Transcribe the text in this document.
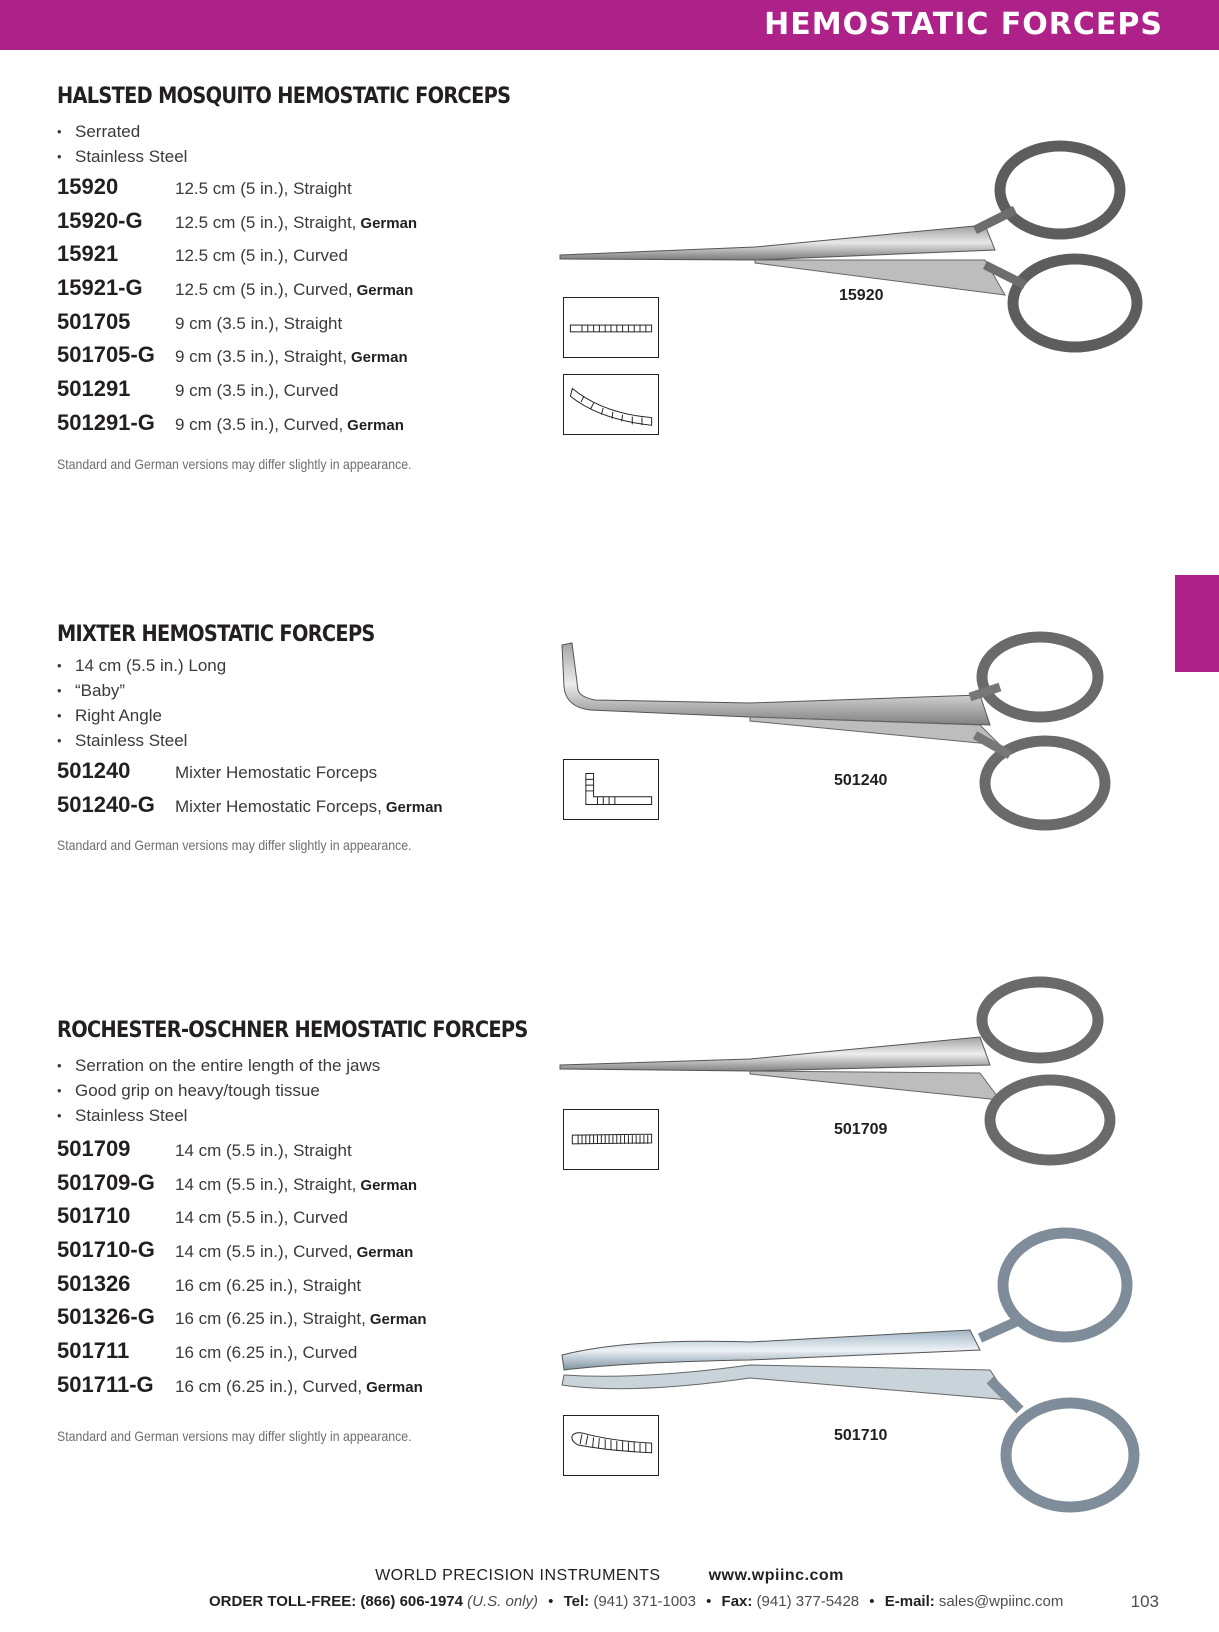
HEMOSTATIC FORCEPS
HALSTED MOSQUITO HEMOSTATIC FORCEPS
• Serrated
• Stainless Steel
15920	12.5 cm (5 in.), Straight
15920-G	12.5 cm (5 in.), Straight, German
15921	12.5 cm (5 in.), Curved
15921-G	12.5 cm (5 in.), Curved, German
501705	9 cm (3.5 in.), Straight
501705-G	9 cm (3.5 in.), Straight, German
501291	9 cm (3.5 in.), Curved
501291-G	9 cm (3.5 in.), Curved, German
Standard and German versions may differ slightly in appearance.
15920
MIXTER HEMOSTATIC FORCEPS
• 14 cm (5.5 in.) Long
• “Baby”
• Right Angle
• Stainless Steel
501240	Mixter Hemostatic Forceps
501240-G	Mixter Hemostatic Forceps, German
Standard and German versions may differ slightly in appearance.
501240
ROCHESTER-OSCHNER HEMOSTATIC FORCEPS
• Serration on the entire length of the jaws
• Good grip on heavy/tough tissue
• Stainless Steel
501709	14 cm (5.5 in.), Straight
501709-G	14 cm (5.5 in.), Straight, German
501710	14 cm (5.5 in.), Curved
501710-G	14 cm (5.5 in.), Curved, German
501326	16 cm (6.25 in.), Straight
501326-G	16 cm (6.25 in.), Straight, German
501711	16 cm (6.25 in.), Curved
501711-G	16 cm (6.25 in.), Curved, German
Standard and German versions may differ slightly in appearance.
501709
501710
WORLD PRECISION INSTRUMENTS	www.wpiinc.com
ORDER TOLL-FREE: (866) 606-1974 (U.S. only) • Tel: (941) 371-1003 • Fax: (941) 377-5428 • E-mail: sales@wpiinc.com	103
